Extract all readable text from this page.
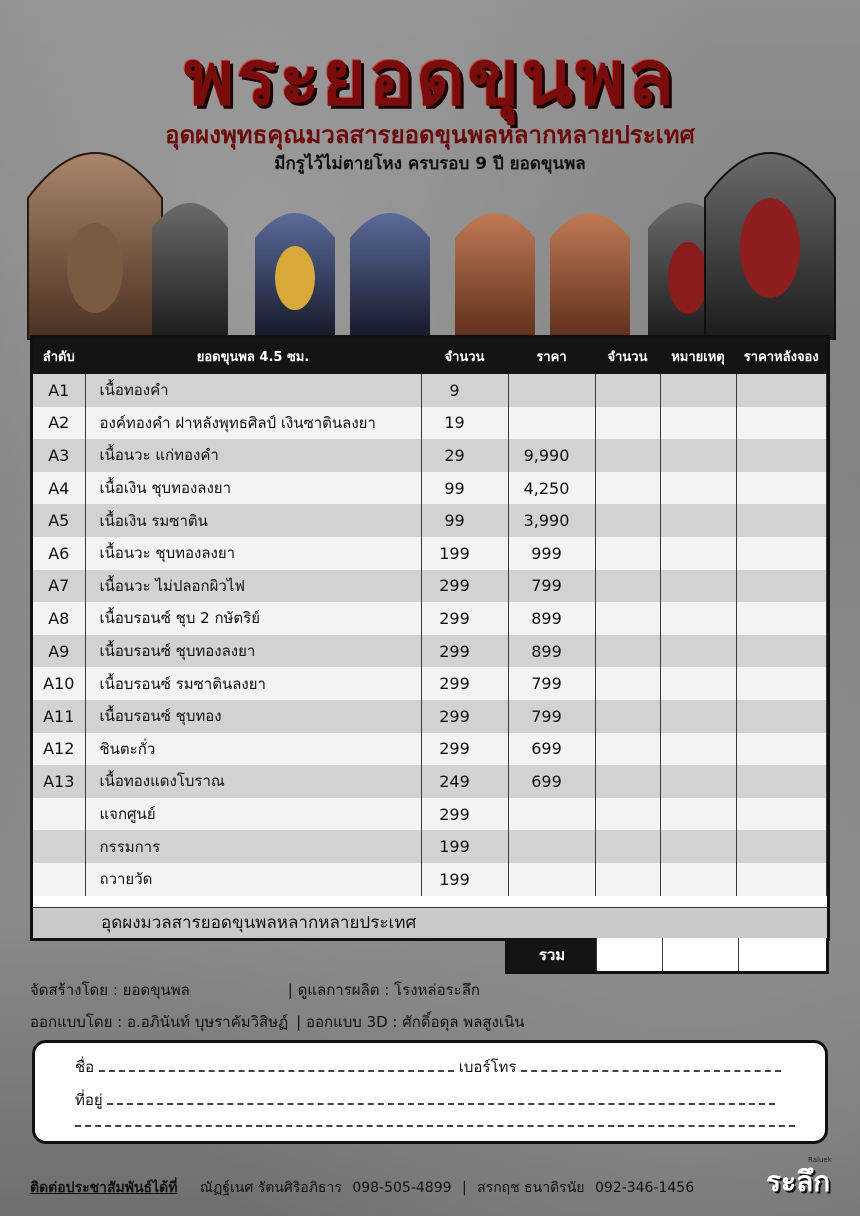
พระยอดขุนพล
อุดผงพุทธคุณมวลสารยอดขุนพลหลากหลายประเทศ
มีกรูไว้ไม่ตายโหง ครบรอบ 9 ปี ยอดขุนพล
ลำดับ	ยอดขุนพล 4.5 ซม.	จำนวน	ราคา	จำนวน	หมายเหตุ	ราคาหลังจอง
A1	เนื้อทองคำ	9				
A2	องค์ทองคำ ฝาหลังพุทธศิลป์ เงินซาตินลงยา	19				
A3	เนื้อนวะ แก่ทองคำ	29	9,990			
A4	เนื้อเงิน ชุบทองลงยา	99	4,250			
A5	เนื้อเงิน รมซาติน	99	3,990			
A6	เนื้อนวะ ชุบทองลงยา	199	999			
A7	เนื้อนวะ ไม่ปลอกผิวไฟ	299	799			
A8	เนื้อบรอนซ์ ชุบ 2 กษัตริย์	299	899			
A9	เนื้อบรอนซ์ ชุบทองลงยา	299	899			
A10	เนื้อบรอนซ์ รมซาตินลงยา	299	799			
A11	เนื้อบรอนซ์ ชุบทอง	299	799			
A12	ชินตะกั่ว	299	699			
A13	เนื้อทองแดงโบราณ	249	699			
	แจกศูนย์	299				
	กรรมการ	199				
	ถวายวัด	199				
อุดผงมวลสารยอดขุนพลหลากหลายประเทศ
รวม
จัดสร้างโดย : ยอดขุนพล	| ดูแลการผลิต : โรงหล่อระลึก
ออกแบบโดย : อ.อภินันท์ บุษราคัมวิสิษฏ์ | ออกแบบ 3D : ศักดิ์อดุล พลสูงเนิน
ชื่อ	เบอร์โทร
ที่อยู่
ติดต่อประชาสัมพันธ์ได้ที่ ณัฏฐ์เนศ รัตนศิริอภิธาร 098-505-4899 | สรกฤช ธนาดิรนัย 092-346-1456
Raluek
ระลึก
